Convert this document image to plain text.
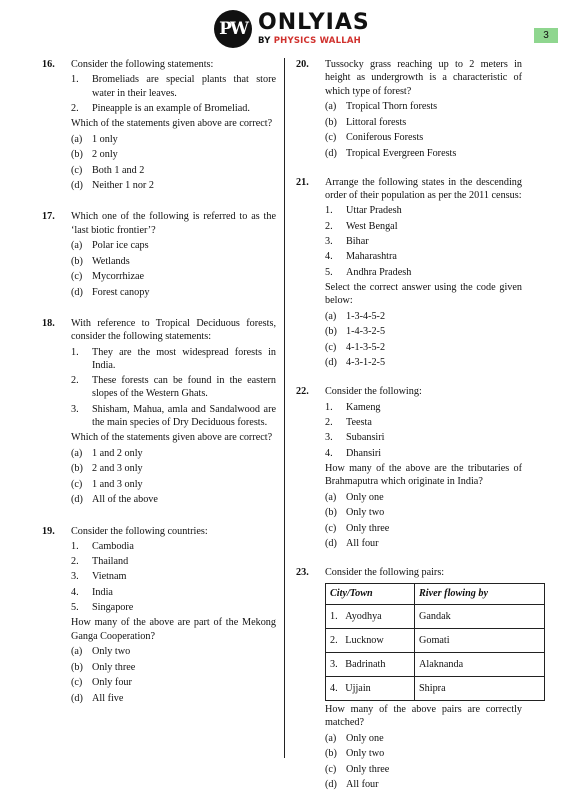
PW ONLYIAS
BY PHYSICS WALLAH	3
16. Consider the following statements:
1.	Bromeliads are special plants that store water in their leaves.
2.	Pineapple is an example of Bromeliad.
Which of the statements given above are correct?
(a) 1 only
(b) 2 only
(c) Both 1 and 2
(d) Neither 1 nor 2
17. Which one of the following is referred to as the ‘last biotic frontier’?
(a) Polar ice caps
(b) Wetlands
(c) Mycorrhizae
(d) Forest canopy
18. With reference to Tropical Deciduous forests, consider the following statements:
1.	They are the most widespread forests in India.
2.	These forests can be found in the eastern slopes of the Western Ghats.
3.	Shisham, Mahua, amla and Sandalwood are the main species of Dry Deciduous forests.
Which of the statements given above are correct?
(a) 1 and 2 only
(b) 2 and 3 only
(c) 1 and 3 only
(d) All of the above
19. Consider the following countries:
1.	Cambodia
2.	Thailand
3.	Vietnam
4.	India
5.	Singapore
How many of the above are part of the Mekong Ganga Cooperation?
(a) Only two
(b) Only three
(c) Only four
(d) All five
20. Tussocky grass reaching up to 2 meters in height as undergrowth is a characteristic of which type of forest?
(a) Tropical Thorn forests
(b) Littoral forests
(c) Coniferous Forests
(d) Tropical Evergreen Forests
21. Arrange the following states in the descending order of their population as per the 2011 census:
1.	Uttar Pradesh
2.	West Bengal
3.	Bihar
4.	Maharashtra
5.	Andhra Pradesh
Select the correct answer using the code given below:
(a) 1-3-4-5-2
(b) 1-4-3-2-5
(c) 4-1-3-5-2
(d) 4-3-1-2-5
22. Consider the following:
1.	Kameng
2.	Teesta
3.	Subansiri
4.	Dhansiri
How many of the above are the tributaries of Brahmaputra which originate in India?
(a) Only one
(b) Only two
(c) Only three
(d) All four
23. Consider the following pairs:
City/Town	River flowing by
1. Ayodhya	Gandak
2. Lucknow	Gomati
3. Badrinath	Alaknanda
4. Ujjain	Shipra
How many of the above pairs are correctly matched?
(a) Only one
(b) Only two
(c) Only three
(d) All four
